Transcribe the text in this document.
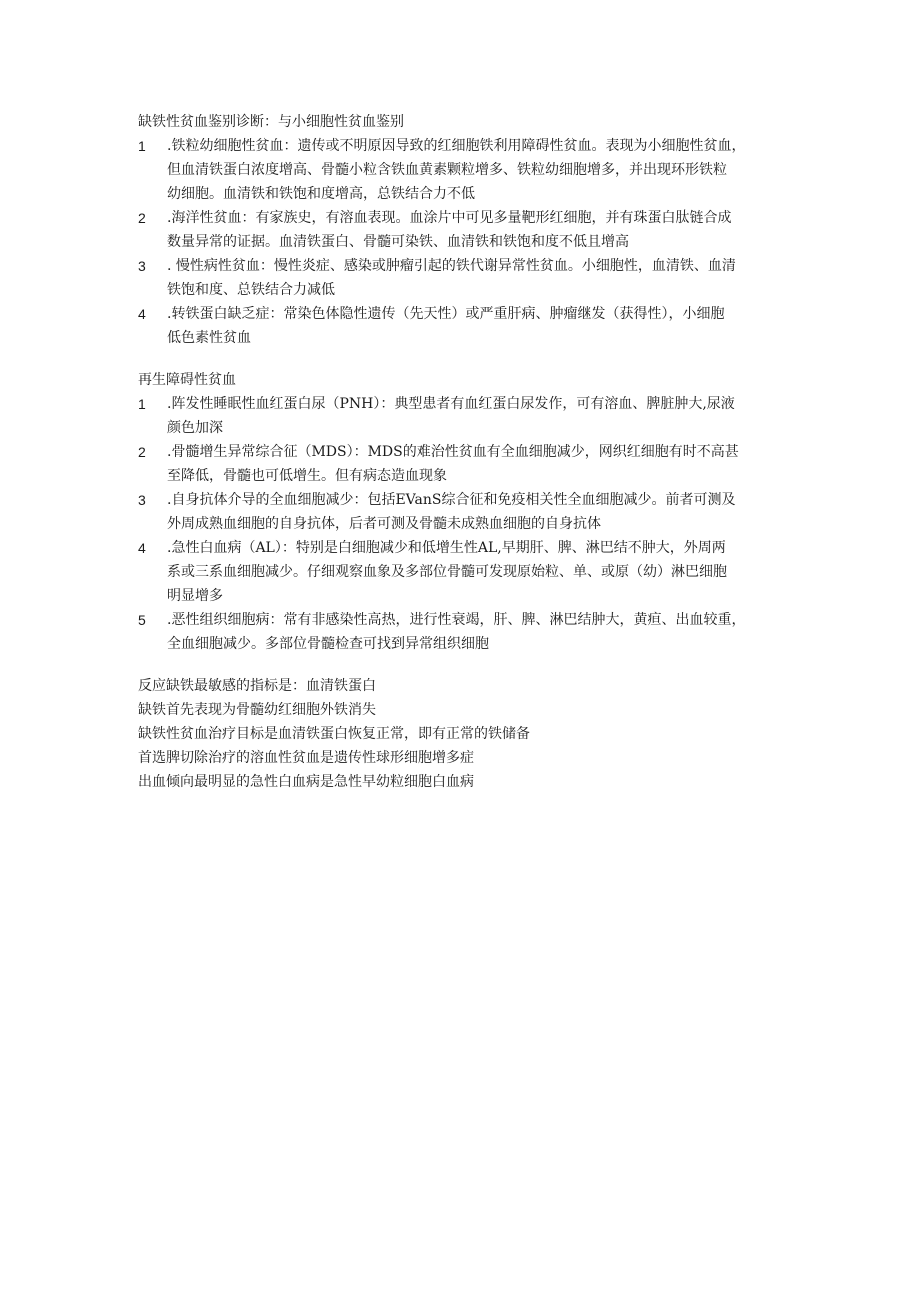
缺铁性贫血鉴别诊断：与小细胞性贫血鉴别
1 .铁粒幼细胞性贫血：遗传或不明原因导致的红细胞铁利用障碍性贫血。表现为小细胞性贫血，
但血清铁蛋白浓度增高、骨髓小粒含铁血黄素颗粒增多、铁粒幼细胞增多，并出现环形铁粒
幼细胞。血清铁和铁饱和度增高，总铁结合力不低
2 .海洋性贫血：有家族史，有溶血表现。血涂片中可见多量靶形红细胞，并有珠蛋白肽链合成
数量异常的证据。血清铁蛋白、骨髓可染铁、血清铁和铁饱和度不低且增高
3 . 慢性病性贫血：慢性炎症、感染或肿瘤引起的铁代谢异常性贫血。小细胞性，血清铁、血清
铁饱和度、总铁结合力减低
4 .转铁蛋白缺乏症：常染色体隐性遗传（先天性）或严重肝病、肿瘤继发（获得性），小细胞
低色素性贫血
再生障碍性贫血
1 .阵发性睡眠性血红蛋白尿（PNH）：典型患者有血红蛋白尿发作，可有溶血、脾脏肿大,尿液
颜色加深
2 .骨髓增生异常综合征（MDS）：MDS的难治性贫血有全血细胞减少，网织红细胞有时不高甚
至降低，骨髓也可低增生。但有病态造血现象
3 .自身抗体介导的全血细胞减少：包括EVanS综合征和免疫相关性全血细胞减少。前者可测及
外周成熟血细胞的自身抗体，后者可测及骨髓未成熟血细胞的自身抗体
4 .急性白血病（AL）：特别是白细胞减少和低增生性AL,早期肝、脾、淋巴结不肿大，外周两
系或三系血细胞减少。仔细观察血象及多部位骨髓可发现原始粒、单、或原（幼）淋巴细胞
明显增多
5 .恶性组织细胞病：常有非感染性高热，进行性衰竭，肝、脾、淋巴结肿大，黄疸、出血较重，
全血细胞减少。多部位骨髓检查可找到异常组织细胞
反应缺铁最敏感的指标是：血清铁蛋白
缺铁首先表现为骨髓幼红细胞外铁消失
缺铁性贫血治疗目标是血清铁蛋白恢复正常，即有正常的铁储备
首选脾切除治疗的溶血性贫血是遗传性球形细胞增多症
出血倾向最明显的急性白血病是急性早幼粒细胞白血病
